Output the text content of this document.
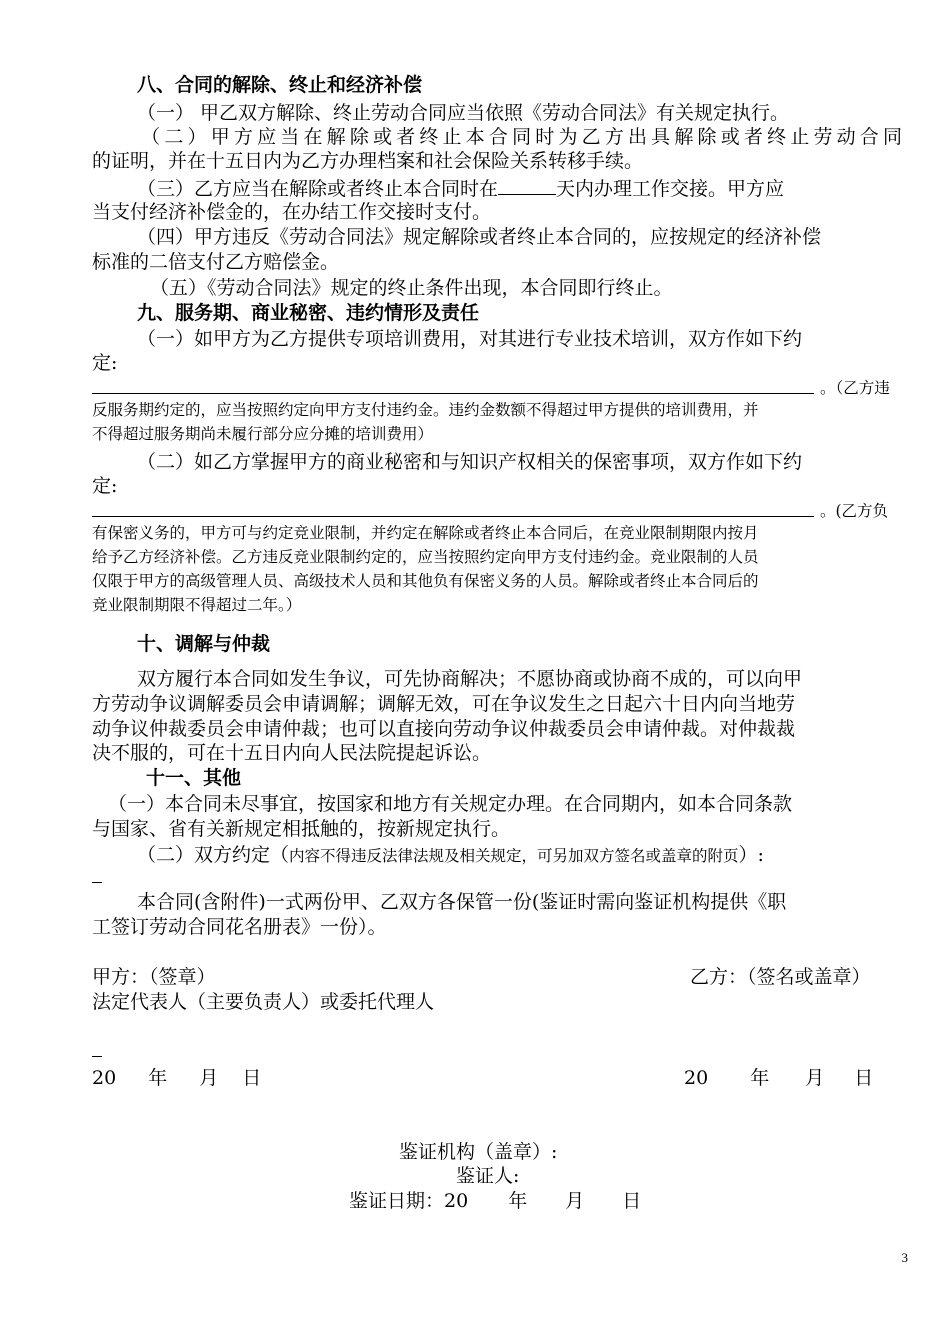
八、合同的解除、终止和经济补偿
（一） 甲乙双方解除、终止劳动合同应当依照《劳动合同法》有关规定执行。
（二）甲方应当在解除或者终止本合同时为乙方出具解除或者终止劳动合同
的证明，并在十五日内为乙方办理档案和社会保险关系转移手续。
（三）乙方应当在解除或者终止本合同时在	天内办理工作交接。甲方应
当支付经济补偿金的，在办结工作交接时支付。
（四）甲方违反《劳动合同法》规定解除或者终止本合同的，应按规定的经济补偿
标准的二倍支付乙方赔偿金。
（五）《劳动合同法》规定的终止条件出现，本合同即行终止。
九、服务期、商业秘密、违约情形及责任
（一）如甲方为乙方提供专项培训费用，对其进行专业技术培训，双方作如下约
定:
。（乙方违
反服务期约定的，应当按照约定向甲方支付违约金。违约金数额不得超过甲方提供的培训费用，并
不得超过服务期尚未履行部分应分摊的培训费用）
（二）如乙方掌握甲方的商业秘密和与知识产权相关的保密事项，双方作如下约
定:
。(乙方负
有保密义务的，甲方可与约定竞业限制，并约定在解除或者终止本合同后，在竞业限制期限内按月
给予乙方经济补偿。乙方违反竞业限制约定的，应当按照约定向甲方支付违约金。竞业限制的人员
仅限于甲方的高级管理人员、高级技术人员和其他负有保密义务的人员。解除或者终止本合同后的
竞业限制期限不得超过二年。）
十、调解与仲裁
双方履行本合同如发生争议，可先协商解决；不愿协商或协商不成的，可以向甲
方劳动争议调解委员会申请调解；调解无效，可在争议发生之日起六十日内向当地劳
动争议仲裁委员会申请仲裁；也可以直接向劳动争议仲裁委员会申请仲裁。对仲裁裁
决不服的，可在十五日内向人民法院提起诉讼。
十一、其他
（一）本合同未尽事宜，按国家和地方有关规定办理。在合同期内，如本合同条款
与国家、省有关新规定相抵触的，按新规定执行。
（二）双方约定（内容不得违反法律法规及相关规定，可另加双方签名或盖章的附页）:
本合同(含附件)一式两份甲、乙双方各保管一份(鉴证时需向鉴证机构提供《职
工签订劳动合同花名册表》一份）。
甲方：（签章）	乙方：（签名或盖章）
法定代表人（主要负责人）或委托代理人
20 年 月 日	20 年 月 日
鉴证机构（盖章）:
鉴证人:
鉴证日期：20 年 月 日
3
